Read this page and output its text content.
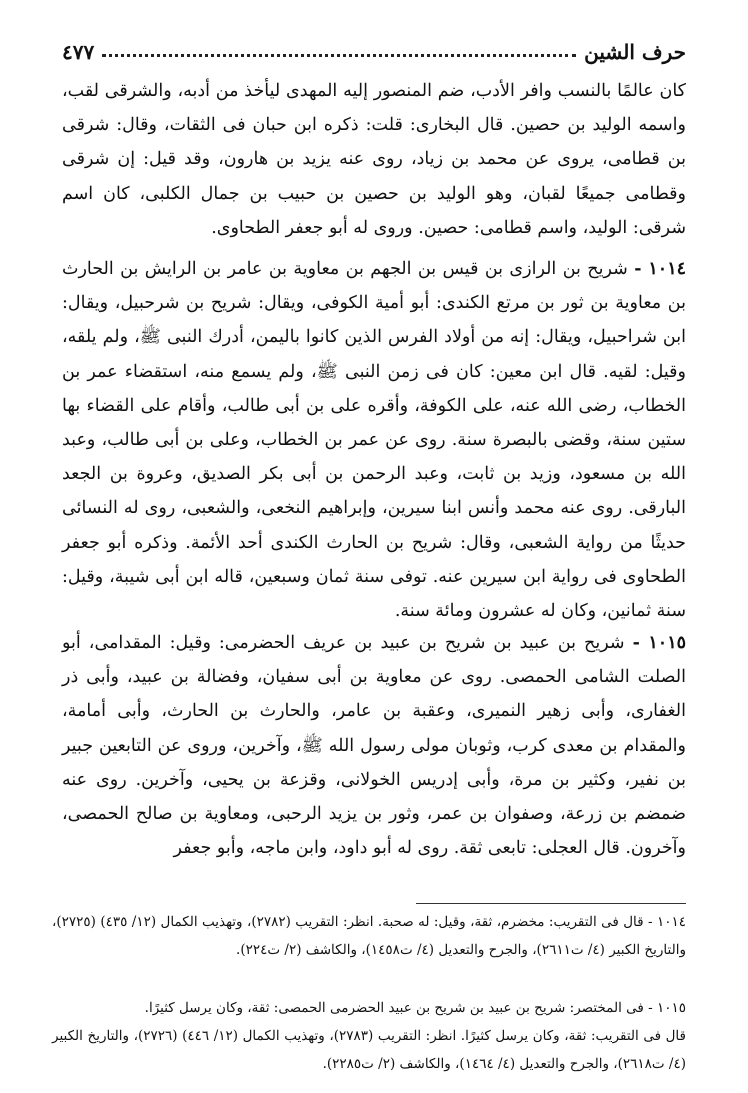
حرف الشين
٤٧٧

كان عالمًا بالنسب وافر الأدب، ضم المنصور إليه المهدى ليأخذ من أدبه، والشرقى لقب، واسمه الوليد بن حصين. قال البخارى: قلت: ذكره ابن حبان فى الثقات، وقال: شرقى بن قطامى، يروى عن محمد بن زياد، روى عنه يزيد بن هارون، وقد قيل: إن شرقى وقطامى جميعًا لقبان، وهو الوليد بن حصين بن حبيب بن جمال الكلبى، كان اسم شرقى: الوليد، واسم قطامى: حصين. وروى له أبو جعفر الطحاوى.

١٠١٤ - شريح بن الرازى بن قيس بن الجهم بن معاوية بن عامر بن الرايش بن الحارث بن معاوية بن ثور بن مرتع الكندى: أبو أمية الكوفى، ويقال: شريح بن شرحبيل، ويقال: ابن شراحبيل، ويقال: إنه من أولاد الفرس الذين كانوا باليمن، أدرك النبى ﷺ، ولم يلقه، وقيل: لقيه. قال ابن معين: كان فى زمن النبى ﷺ، ولم يسمع منه، استقضاء عمر بن الخطاب، رضى الله عنه، على الكوفة، وأقره على بن أبى طالب، وأقام على القضاء بها ستين سنة، وقضى بالبصرة سنة. روى عن عمر بن الخطاب، وعلى بن أبى طالب، وعبد الله بن مسعود، وزيد بن ثابت، وعبد الرحمن بن أبى بكر الصديق، وعروة بن الجعد البارقى. روى عنه محمد وأنس ابنا سيرين، وإبراهيم النخعى، والشعبى، روى له النسائى حديثًا من رواية الشعبى، وقال: شريح بن الحارث الكندى أحد الأئمة. وذكره أبو جعفر الطحاوى فى رواية ابن سيرين عنه. توفى سنة ثمان وسبعين، قاله ابن أبى شيبة، وقيل: سنة ثمانين، وكان له عشرون ومائة سنة.

١٠١٥ - شريح بن عبيد بن شريح بن عبيد بن عريف الحضرمى: وقيل: المقدامى، أبو الصلت الشامى الحمصى. روى عن معاوية بن أبى سفيان، وفضالة بن عبيد، وأبى ذر الغفارى، وأبى زهير النميرى، وعقبة بن عامر، والحارث بن الحارث، وأبى أمامة، والمقدام بن معدى كرب، وثوبان مولى رسول الله ﷺ، وآخرين، وروى عن التابعين جبير بن نفير، وكثير بن مرة، وأبى إدريس الخولانى، وقزعة بن يحيى، وآخرين. روى عنه ضمضم بن زرعة، وصفوان بن عمر، وثور بن يزيد الرحبى، ومعاوية بن صالح الحمصى، وآخرون. قال العجلى: تابعى ثقة. روى له أبو داود، وابن ماجه، وأبو جعفر

١٠١٤ - قال فى التقريب: مخضرم، ثقة، وقيل: له صحبة. انظر: التقريب (٢٧٨٢)، وتهذيب الكمال (١٢/ ٤٣٥) (٢٧٢٥)، والتاريخ الكبير (٤/ ت٢٦١١)، والجرح والتعديل (٤/ ت١٤٥٨)، والكاشف (٢/ ت٢٢٤).

١٠١٥ - فى المختصر: شريح بن عبيد بن شريح بن عبيد الحضرمى الحمصى: ثقة، وكان يرسل كثيرًا.

قال فى التقريب: ثقة، وكان يرسل كثيرًا. انظر: التقريب (٢٧٨٣)، وتهذيب الكمال (١٢/ ٤٤٦) (٢٧٢٦)، والتاريخ الكبير (٤/ ت٢٦١٨)، والجرح والتعديل (٤/ ١٤٦٤)، والكاشف (٢/ ت٢٢٨٥).
